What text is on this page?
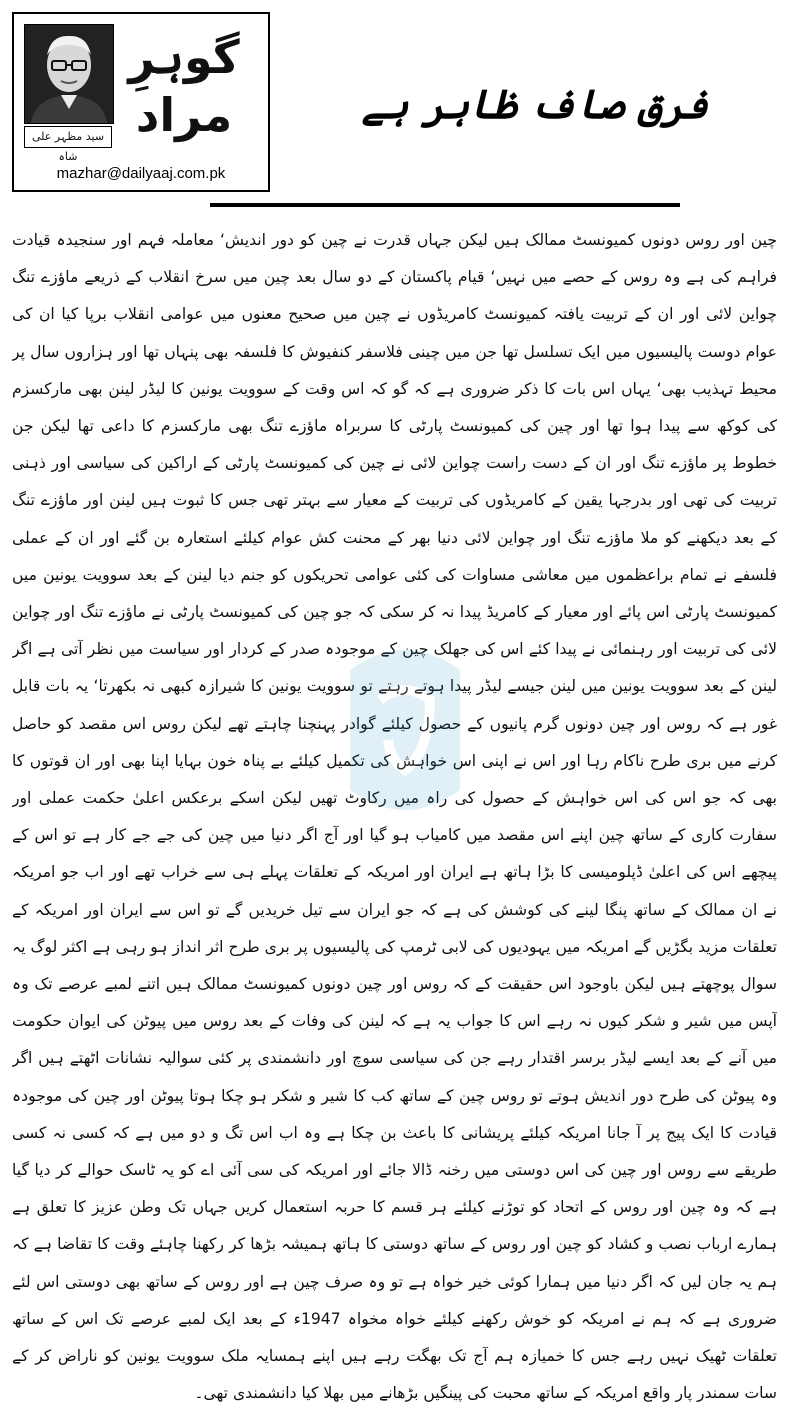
سید مظہر علی شاہ
گوہرِ مراد
mazhar@dailyaaj.com.pk
فرق صاف ظاہر ہے

چین اور روس دونوں کمیونسٹ ممالک ہیں لیکن جہاں قدرت نے چین کو دور اندیش‘ معاملہ فہم اور سنجیدہ قیادت فراہم کی ہے وہ روس کے حصے میں نہیں‘ قیام پاکستان کے دو سال بعد چین میں سرخ انقلاب کے ذریعے ماؤزے تنگ چواین لائی اور ان کے تربیت یافتہ کمیونسٹ کامریڈوں نے چین میں صحیح معنوں میں عوامی انقلاب برپا کیا ان کی عوام دوست پالیسیوں میں ایک تسلسل تھا جن میں چینی فلاسفر کنفیوش کا فلسفہ بھی پنہاں تھا اور ہزاروں سال پر محیط تہذیب بھی‘ یہاں اس بات کا ذکر ضروری ہے کہ گو کہ اس وقت کے سوویت یونین کا لیڈر لینن بھی مارکسزم کی کوکھ سے پیدا ہوا تھا اور چین کی کمیونسٹ پارٹی کا سربراہ ماؤزے تنگ بھی مارکسزم کا داعی تھا لیکن جن خطوط پر ماؤزے تنگ اور ان کے دست راست چواین لائی نے چین کی کمیونسٹ پارٹی کے اراکین کی سیاسی اور ذہنی تربیت کی تھی اور بدرجہا یقین کے کامریڈوں کی تربیت کے معیار سے بہتر تھی جس کا ثبوت ہیں لینن اور ماؤزے تنگ کے بعد دیکھنے کو ملا ماؤزے تنگ اور چواین لائی دنیا بھر کے محنت کش عوام کیلئے استعارہ بن گئے اور ان کے عملی فلسفے نے تمام براعظموں میں معاشی مساوات کی کئی عوامی تحریکوں کو جنم دیا لینن کے بعد سوویت یونین میں کمیونسٹ پارٹی اس پائے اور معیار کے کامریڈ پیدا نہ کر سکی کہ جو چین کی کمیونسٹ پارٹی نے ماؤزے تنگ اور چواین لائی کی تربیت اور رہنمائی نے پیدا کئے اس کی جھلک چین کے موجودہ صدر کے کردار اور سیاست میں نظر آتی ہے اگر لینن کے بعد سوویت یونین میں لینن جیسے لیڈر پیدا ہوتے رہتے تو سوویت یونین کا شیرازہ کبھی نہ بکھرتا‘ یہ بات قابل غور ہے کہ روس اور چین دونوں گرم پانیوں کے حصول کیلئے گوادر پہنچنا چاہتے تھے لیکن روس اس مقصد کو حاصل کرنے میں بری طرح ناکام رہا اور اس نے اپنی اس خواہش کی تکمیل کیلئے بے پناہ خون بہایا اپنا بھی اور ان قوتوں کا بھی کہ جو اس کی اس خواہش کے حصول کی راہ میں رکاوٹ تھیں لیکن اسکے برعکس اعلیٰ حکمت عملی اور سفارت کاری کے ساتھ چین اپنے اس مقصد میں کامیاب ہو گیا اور آج اگر دنیا میں چین کی جے جے کار ہے تو اس کے پیچھے اس کی اعلیٰ ڈپلومیسی کا بڑا ہاتھ ہے ایران اور امریکہ کے تعلقات پہلے ہی سے خراب تھے اور اب جو امریکہ نے ان ممالک کے ساتھ پنگا لینے کی کوشش کی ہے کہ جو ایران سے تیل خریدیں گے تو اس سے ایران اور امریکہ کے تعلقات مزید بگڑیں گے امریکہ میں یہودیوں کی لابی ٹرمپ کی پالیسیوں پر بری طرح اثر انداز ہو رہی ہے اکثر لوگ یہ سوال پوچھتے ہیں لیکن باوجود اس حقیقت کے کہ روس اور چین دونوں کمیونسٹ ممالک ہیں اتنے لمبے عرصے تک وہ آپس میں شیر و شکر کیوں نہ رہے اس کا جواب یہ ہے کہ لینن کی وفات کے بعد روس میں پیوٹن کی ایوان حکومت میں آنے کے بعد ایسے لیڈر برسر اقتدار رہے جن کی سیاسی سوچ اور دانشمندی پر کئی سوالیہ نشانات اٹھتے ہیں اگر وہ پیوٹن کی طرح دور اندیش ہوتے تو روس چین کے ساتھ کب کا شیر و شکر ہو چکا ہوتا پیوٹن اور چین کی موجودہ قیادت کا ایک پیج پر آ جانا امریکہ کیلئے پریشانی کا باعث بن چکا ہے وہ اب اس تگ و دو میں ہے کہ کسی نہ کسی طریقے سے روس اور چین کی اس دوستی میں رخنہ ڈالا جائے اور امریکہ کی سی آئی اے کو یہ ٹاسک حوالے کر دیا گیا ہے کہ وہ چین اور روس کے اتحاد کو توڑنے کیلئے ہر قسم کا حربہ استعمال کریں جہاں تک وطن عزیز کا تعلق ہے ہمارے ارباب نصب و کشاد کو چین اور روس کے ساتھ دوستی کا ہاتھ ہمیشہ بڑھا کر رکھنا چاہئے وقت کا تقاضا ہے کہ ہم یہ جان لیں کہ اگر دنیا میں ہمارا کوئی خیر خواہ ہے تو وہ صرف چین ہے اور روس کے ساتھ بھی دوستی اس لئے ضروری ہے کہ ہم نے امریکہ کو خوش رکھنے کیلئے خواہ مخواہ 1947ء کے بعد ایک لمبے عرصے تک اس کے ساتھ تعلقات ٹھیک نہیں رہے جس کا خمیازہ ہم آج تک بھگت رہے ہیں اپنے ہمسایہ ملک سوویت یونین کو ناراض کر کے سات سمندر پار واقع امریکہ کے ساتھ محبت کی پینگیں بڑھانے میں بھلا کیا دانشمندی تھی۔
